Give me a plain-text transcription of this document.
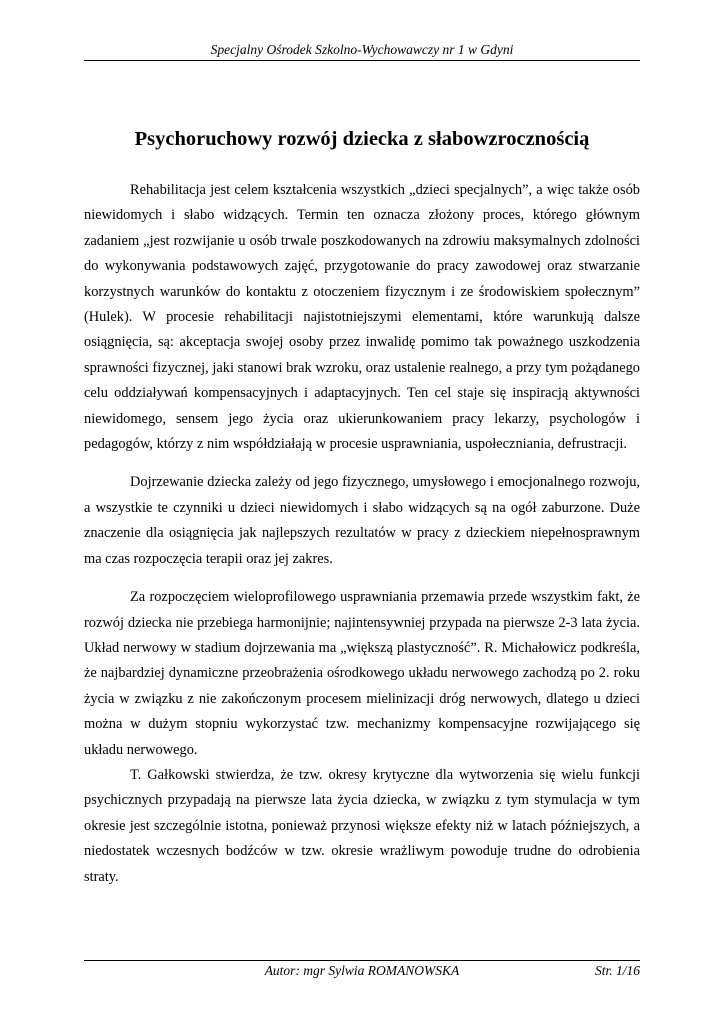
Specjalny Ośrodek Szkolno-Wychowawczy nr 1 w Gdyni
Psychoruchowy rozwój dziecka z słabowzrocznością

Rehabilitacja jest celem kształcenia wszystkich „dzieci specjalnych”, a więc także osób niewidomych i słabo widzących. Termin ten oznacza złożony proces, którego głównym zadaniem „jest rozwijanie u osób trwale poszkodowanych na zdrowiu maksymalnych zdolności do wykonywania podstawowych zajęć, przygotowanie do pracy zawodowej oraz stwarzanie korzystnych warunków do kontaktu z otoczeniem fizycznym i ze środowiskiem społecznym” (Hulek). W procesie rehabilitacji najistotniejszymi elementami, które warunkują dalsze osiągnięcia, są: akceptacja swojej osoby przez inwalidę pomimo tak poważnego uszkodzenia sprawności fizycznej, jaki stanowi brak wzroku, oraz ustalenie realnego, a przy tym pożądanego celu oddziaływań kompensacyjnych i adaptacyjnych. Ten cel staje się inspiracją aktywności niewidomego, sensem jego życia oraz ukierunkowaniem pracy lekarzy, psychologów i pedagogów, którzy z nim współdziałają w procesie usprawniania, uspołeczniania, defrustracji.

Dojrzewanie dziecka zależy od jego fizycznego, umysłowego i emocjonalnego rozwoju, a wszystkie te czynniki u dzieci niewidomych i słabo widzących są na ogół zaburzone. Duże znaczenie dla osiągnięcia jak najlepszych rezultatów w pracy z dzieckiem niepełnosprawnym ma czas rozpoczęcia terapii oraz jej zakres.

Za rozpoczęciem wieloprofilowego usprawniania przemawia przede wszystkim fakt, że rozwój dziecka nie przebiega harmonijnie; najintensywniej przypada na pierwsze 2-3 lata życia. Układ nerwowy w stadium dojrzewania ma „większą plastyczność”. R. Michałowicz podkreśla, że najbardziej dynamiczne przeobrażenia ośrodkowego układu nerwowego zachodzą po 2. roku życia w związku z nie zakończonym procesem mielinizacji dróg nerwowych, dlatego u dzieci można w dużym stopniu wykorzystać tzw. mechanizmy kompensacyjne rozwijającego się układu nerwowego.

T. Gałkowski stwierdza, że tzw. okresy krytyczne dla wytworzenia się wielu funkcji psychicznych przypadają na pierwsze lata życia dziecka, w związku z tym stymulacja w tym okresie jest szczególnie istotna, ponieważ przynosi większe efekty niż w latach późniejszych, a niedostatek wczesnych bodźców w tzw. okresie wrażliwym powoduje trudne do odrobienia straty.

Autor: mgr Sylwia ROMANOWSKA	Str. 1/16
